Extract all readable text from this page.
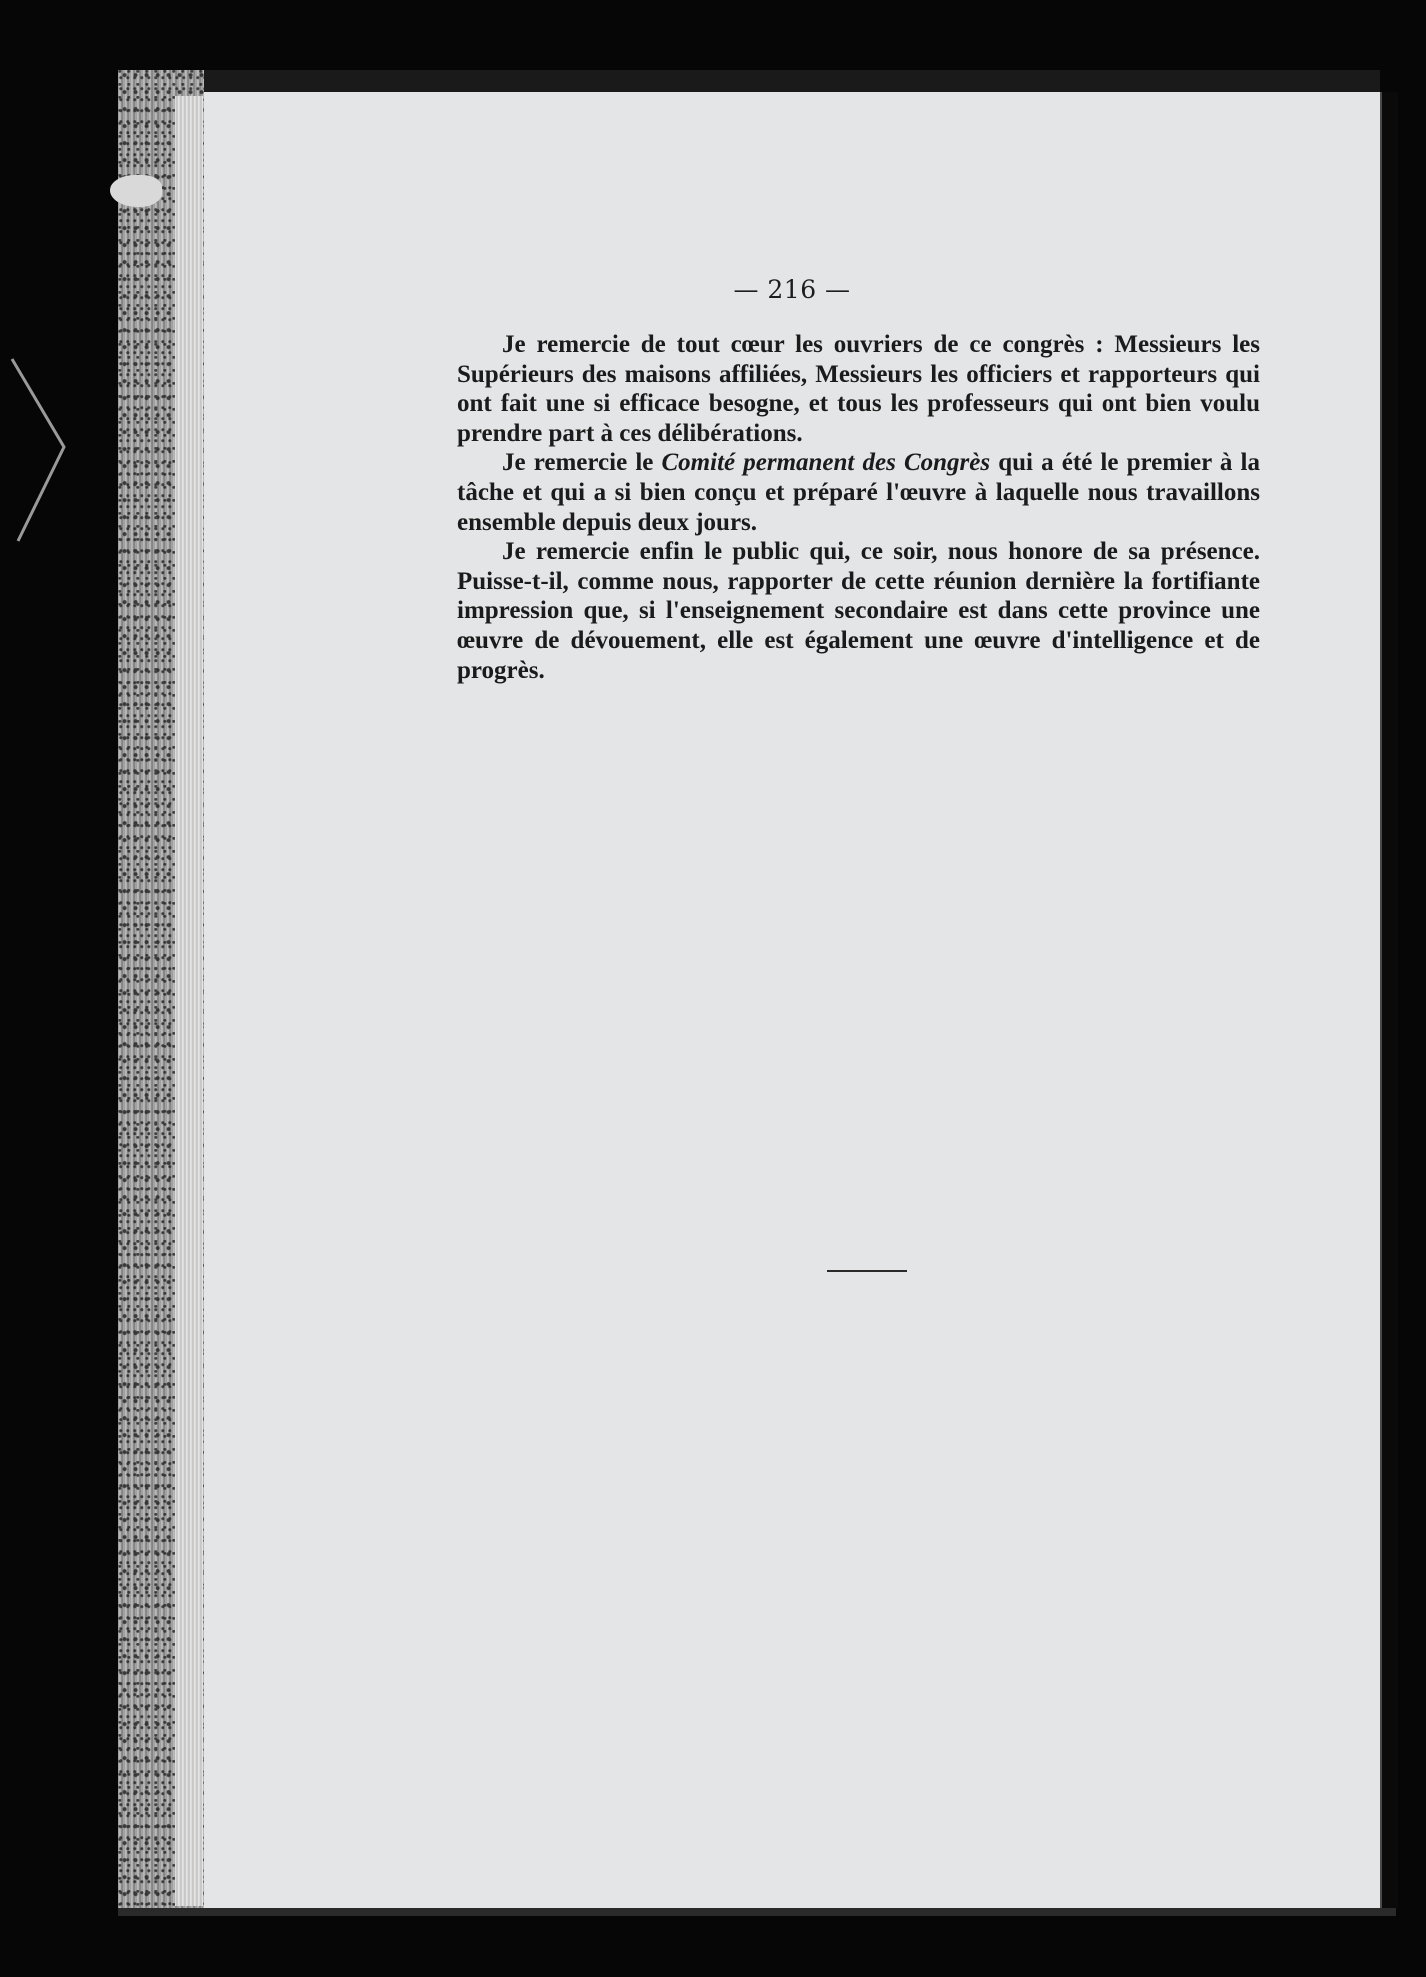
— 216 —

Je remercie de tout cœur les ouvriers de ce congrès : Messieurs les Supérieurs des maisons affiliées, Messieurs les officiers et rapporteurs qui ont fait une si efficace besogne, et tous les professeurs qui ont bien voulu prendre part à ces délibérations.

Je remercie le Comité permanent des Congrès qui a été le premier à la tâche et qui a si bien conçu et préparé l'œuvre à laquelle nous travaillons ensemble depuis deux jours.

Je remercie enfin le public qui, ce soir, nous honore de sa présence. Puisse-t-il, comme nous, rapporter de cette réunion dernière la fortifiante impression que, si l'enseignement secondaire est dans cette province une œuvre de dévouement, elle est également une œuvre d'intelligence et de progrès.
